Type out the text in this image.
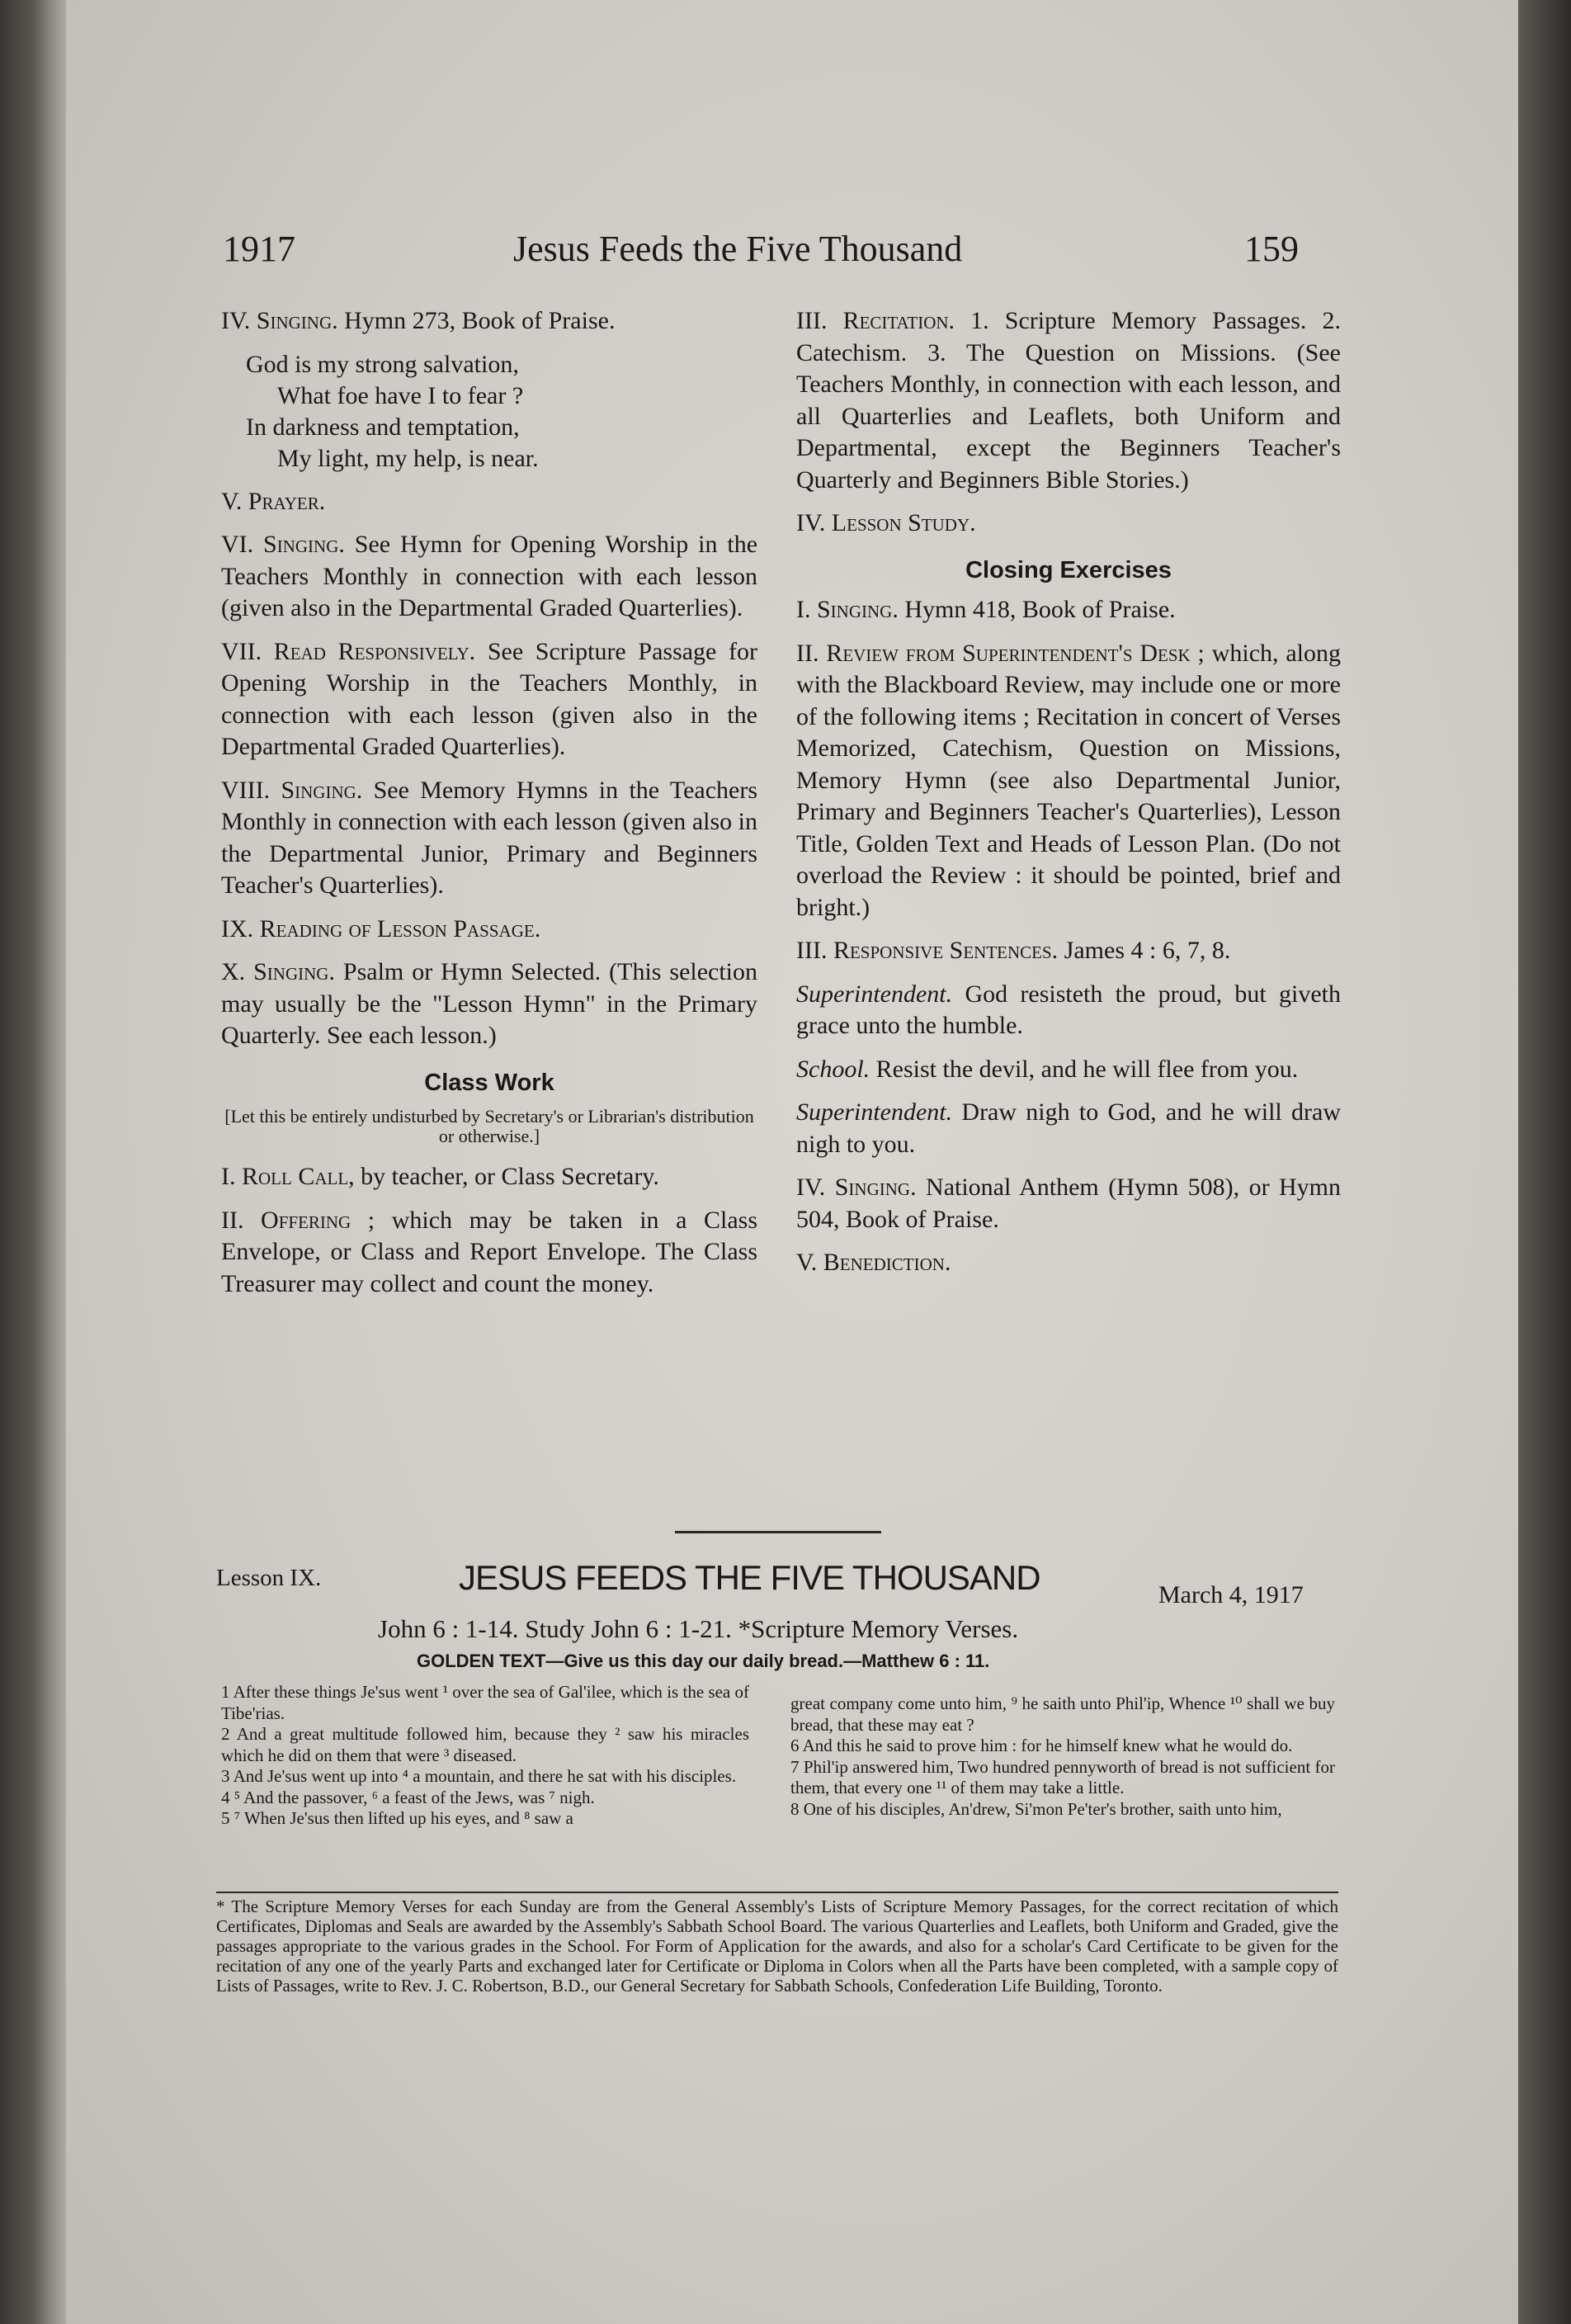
1917	Jesus Feeds the Five Thousand	159

IV. Singing. Hymn 273, Book of Praise.

God is my strong salvation,
What foe have I to fear ?
In darkness and temptation,
My light, my help, is near.

V. Prayer.

VI. Singing. See Hymn for Opening Worship in the Teachers Monthly in connection with each lesson (given also in the Departmental Graded Quarterlies).

VII. Read Responsively. See Scripture Passage for Opening Worship in the Teachers Monthly, in connection with each lesson (given also in the Departmental Graded Quarterlies).

VIII. Singing. See Memory Hymns in the Teachers Monthly in connection with each lesson (given also in the Departmental Junior, Primary and Beginners Teacher's Quarterlies).

IX. Reading of Lesson Passage.

X. Singing. Psalm or Hymn Selected. (This selection may usually be the "Lesson Hymn" in the Primary Quarterly. See each lesson.)

Class Work
[Let this be entirely undisturbed by Secretary's or Librarian's distribution or otherwise.]

I. Roll Call, by teacher, or Class Secretary.

II. Offering ; which may be taken in a Class Envelope, or Class and Report Envelope. The Class Treasurer may collect and count the money.

III. Recitation. 1. Scripture Memory Passages. 2. Catechism. 3. The Question on Missions. (See Teachers Monthly, in connection with each lesson, and all Quarterlies and Leaflets, both Uniform and Departmental, except the Beginners Teacher's Quarterly and Beginners Bible Stories.)

IV. Lesson Study.

Closing Exercises

I. Singing. Hymn 418, Book of Praise.

II. Review from Superintendent's Desk ; which, along with the Blackboard Review, may include one or more of the following items ; Recitation in concert of Verses Memorized, Catechism, Question on Missions, Memory Hymn (see also Departmental Junior, Primary and Beginners Teacher's Quarterlies), Lesson Title, Golden Text and Heads of Lesson Plan. (Do not overload the Review : it should be pointed, brief and bright.)

III. Responsive Sentences. James 4 : 6, 7, 8.

Superintendent. God resisteth the proud, but giveth grace unto the humble.

School. Resist the devil, and he will flee from you.

Superintendent. Draw nigh to God, and he will draw nigh to you.

IV. Singing. National Anthem (Hymn 508), or Hymn 504, Book of Praise.

V. Benediction.

Lesson IX.	JESUS FEEDS THE FIVE THOUSAND	March 4, 1917
John 6 : 1-14. Study John 6 : 1-21. *Scripture Memory Verses.
GOLDEN TEXT—Give us this day our daily bread.—Matthew 6 : 11.

1 After these things Je'sus went ¹ over the sea of Gal'ilee, which is the sea of Tibe'rias.

2 And a great multitude followed him, because they ² saw his miracles which he did on them that were ³ diseased.

3 And Je'sus went up into ⁴ a mountain, and there he sat with his disciples.

4 ⁵ And the passover, ⁶ a feast of the Jews, was ⁷ nigh.

5 ⁷ When Je'sus then lifted up his eyes, and ⁸ saw a

great company come unto him, ⁹ he saith unto Phil'ip, Whence ¹⁰ shall we buy bread, that these may eat ?

6 And this he said to prove him : for he himself knew what he would do.

7 Phil'ip answered him, Two hundred pennyworth of bread is not sufficient for them, that every one ¹¹ of them may take a little.

8 One of his disciples, An'drew, Si'mon Pe'ter's brother, saith unto him,

* The Scripture Memory Verses for each Sunday are from the General Assembly's Lists of Scripture Memory Passages, for the correct recitation of which Certificates, Diplomas and Seals are awarded by the Assembly's Sabbath School Board. The various Quarterlies and Leaflets, both Uniform and Graded, give the passages appropriate to the various grades in the School. For Form of Application for the awards, and also for a scholar's Card Certificate to be given for the recitation of any one of the yearly Parts and exchanged later for Certificate or Diploma in Colors when all the Parts have been completed, with a sample copy of Lists of Passages, write to Rev. J. C. Robertson, B.D., our General Secretary for Sabbath Schools, Confederation Life Building, Toronto.
